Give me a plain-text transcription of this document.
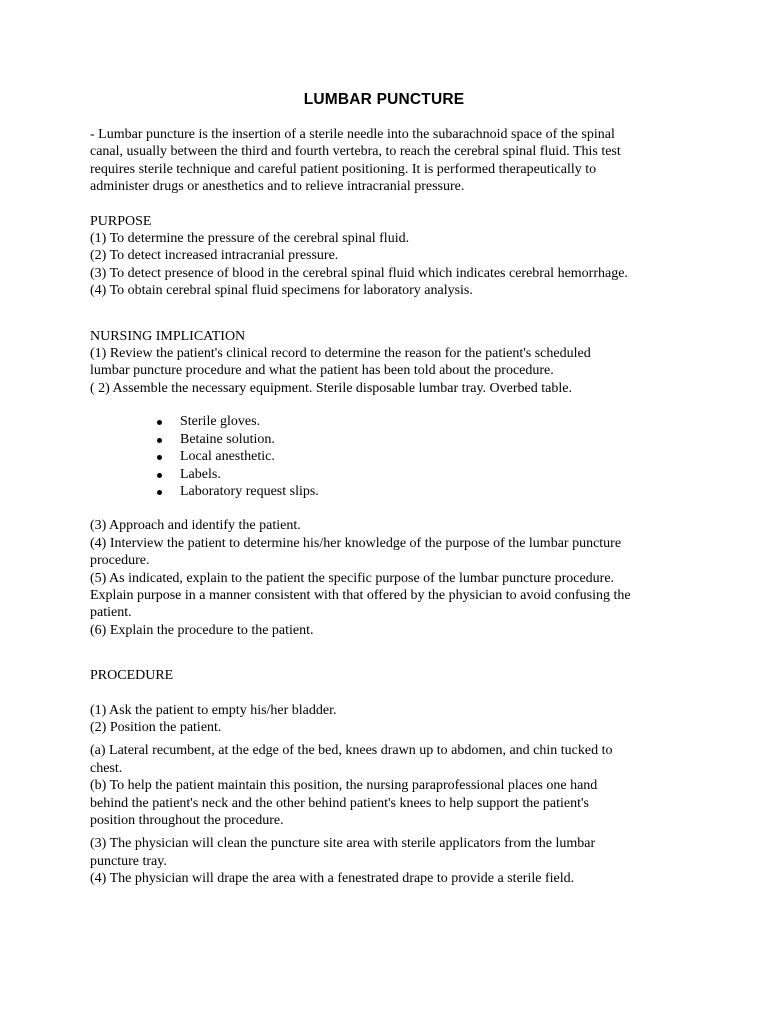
LUMBAR PUNCTURE

- Lumbar puncture is the insertion of a sterile needle into the subarachnoid space of the spinal
canal, usually between the third and fourth vertebra, to reach the cerebral spinal fluid. This test
requires sterile technique and careful patient positioning. It is performed therapeutically to
administer drugs or anesthetics and to relieve intracranial pressure.

PURPOSE
(1) To determine the pressure of the cerebral spinal fluid.
(2) To detect increased intracranial pressure.
(3) To detect presence of blood in the cerebral spinal fluid which indicates cerebral hemorrhage.
(4) To obtain cerebral spinal fluid specimens for laboratory analysis.
NURSING IMPLICATION
(1) Review the patient's clinical record to determine the reason for the patient's scheduled
lumbar puncture procedure and what the patient has been told about the procedure.
( 2) Assemble the necessary equipment. Sterile disposable lumbar tray. Overbed table.
Sterile gloves.
Betaine solution.
Local anesthetic.
Labels.
Laboratory request slips.
(3) Approach and identify the patient.
(4) Interview the patient to determine his/her knowledge of the purpose of the lumbar puncture
procedure.
(5) As indicated, explain to the patient the specific purpose of the lumbar puncture procedure.
Explain purpose in a manner consistent with that offered by the physician to avoid confusing the
patient.
(6) Explain the procedure to the patient.
PROCEDURE
(1) Ask the patient to empty his/her bladder.
(2) Position the patient.
(a) Lateral recumbent, at the edge of the bed, knees drawn up to abdomen, and chin tucked to
chest.
(b) To help the patient maintain this position, the nursing paraprofessional places one hand
behind the patient's neck and the other behind patient's knees to help support the patient's
position throughout the procedure.
(3) The physician will clean the puncture site area with sterile applicators from the lumbar
puncture tray.
(4) The physician will drape the area with a fenestrated drape to provide a sterile field.
